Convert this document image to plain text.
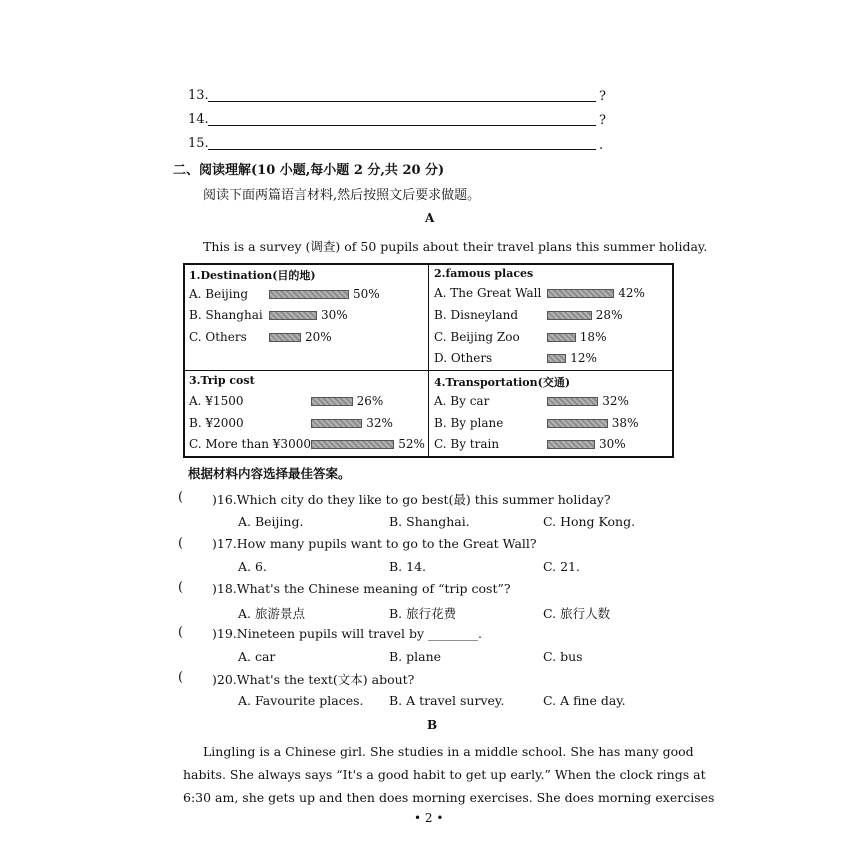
13.	?
14.	?
15.	.
二、阅读理解(10 小题,每小题 2 分,共 20 分)
阅读下面两篇语言材料,然后按照文后要求做题。
A
This is a survey (调查) of 50 pupils about their travel plans this summer holiday.
1.Destination(目的地)
A. Beijing	50%
B. Shanghai	30%
C. Others	20%
2.famous places
A. The Great Wall	42%
B. Disneyland	28%
C. Beijing Zoo	18%
D. Others	12%
3.Trip cost
A. ¥1500	26%
B. ¥2000	32%
C. More than ¥3000	52%
4.Transportation(交通)
A. By car	32%
B. By plane	38%
C. By train	30%
根据材料内容选择最佳答案。
( )16.Which city do they like to go best(最) this summer holiday?
A. Beijing.	B. Shanghai.	C. Hong Kong.
( )17.How many pupils want to go to the Great Wall?
A. 6.	B. 14.	C. 21.
( )18.What's the Chinese meaning of “trip cost”?
A. 旅游景点	B. 旅行花费	C. 旅行人数
( )19.Nineteen pupils will travel by ________.
A. car	B. plane	C. bus
( )20.What's the text(文本) about?
A. Favourite places. B. A travel survey.	C. A fine day.
B
Lingling is a Chinese girl. She studies in a middle school. She has many good
habits. She always says “It's a good habit to get up early.” When the clock rings at
6:30 am, she gets up and then does morning exercises. She does morning exercises
• 2 •
